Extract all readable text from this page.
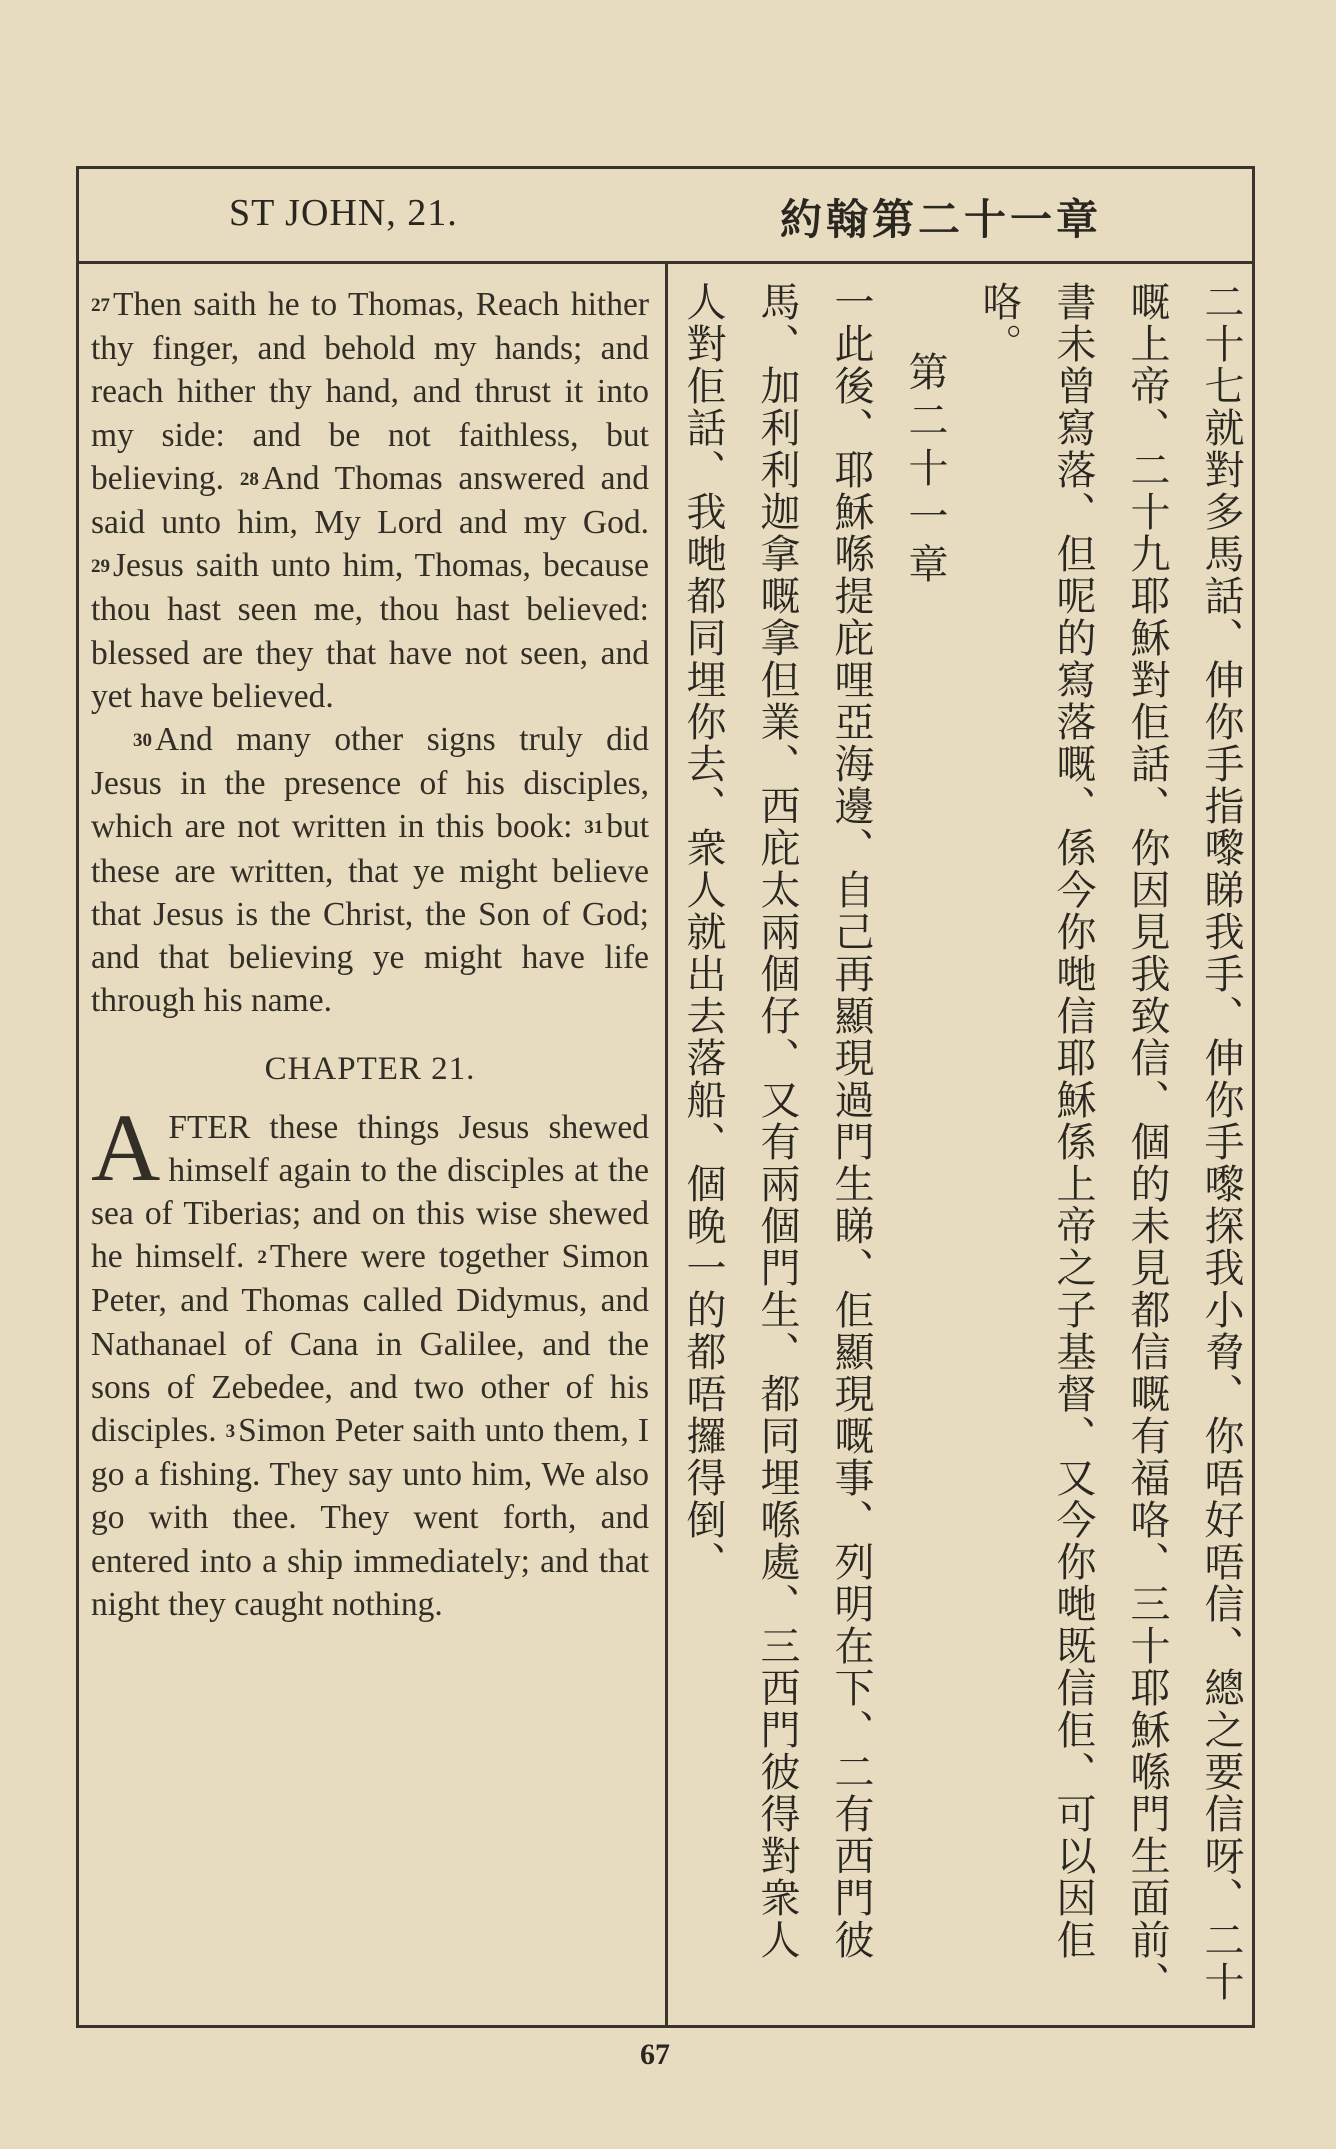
ST JOHN, 21.	約翰第二十一章

27Then saith he to Thomas, Reach hither thy finger, and behold my hands; and reach hither thy hand, and thrust it into my side: and be not faithless, but believing. 28And Thomas answered and said unto him, My Lord and my God. 29Jesus saith unto him, Thomas, because thou hast seen me, thou hast believed: blessed are they that have not seen, and yet have believed.

30And many other signs truly did Jesus in the presence of his disciples, which are not written in this book: 31but these are written, that ye might believe that Jesus is the Christ, the Son of God; and that believing ye might have life through his name.

CHAPTER 21.

AFTER these things Jesus shewed himself again to the disciples at the sea of Tiberias; and on this wise shewed he himself. 2There were together Simon Peter, and Thomas called Didymus, and Nathanael of Cana in Galilee, and the sons of Zebedee, and two other of his disciples. 3Simon Peter saith unto them, I go a fishing. They say unto him, We also go with thee. They went forth, and entered into a ship immediately; and that night they caught nothing.

二十七就對多馬話、伸你手指嚟睇我手、伸你手嚟探我小脅、你唔好唔信、總之要信呀、二十
嘅上帝、二十九耶穌對佢話、你因見我致信、個的未見都信嘅有福咯、三十耶穌喺門生面前、
書未曾寫落、但呢的寫落嘅、係今你哋信耶穌係上帝之子基督、又今你哋既信佢、可以因佢
咯。
第二十一章
一此後、耶穌喺提庇哩亞海邊、自己再顯現過門生睇、佢顯現嘅事、列明在下、二有西門彼
馬、加利利迦拿嘅拿但業、西庇太兩個仔、又有兩個門生、都同埋喺處、三西門彼得對衆人
人對佢話、我哋都同埋你去、衆人就出去落船、個晚一的都唔攞得倒、
67
